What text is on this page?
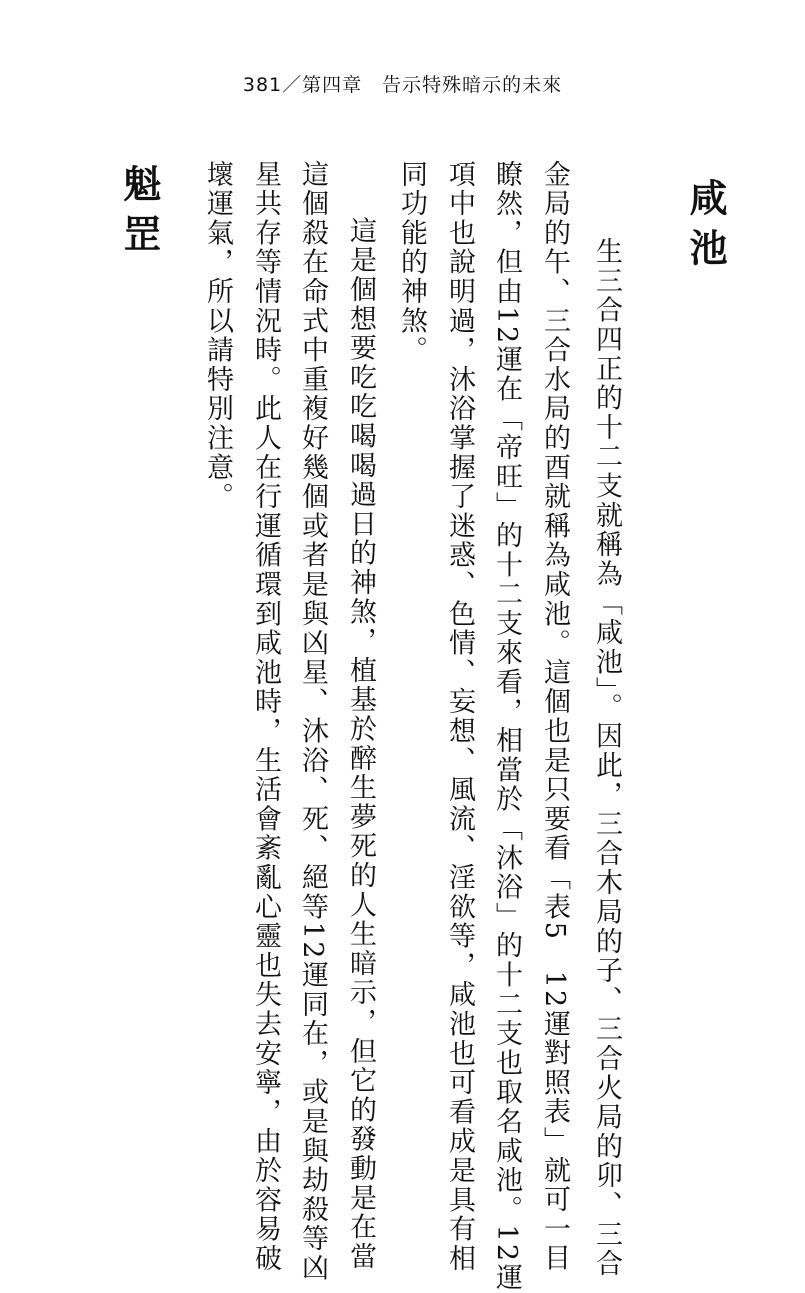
381／第四章　告示特殊暗示的未來
咸池
　生三合四正的十二支就稱為「咸池」。因此，三合木局的子、三合火局的卯、三合
金局的午、三合水局的酉就稱為咸池。這個也是只要看「表5　12運對照表」就可一目
瞭然，但由12運在「帝旺」的十二支來看，相當於「沐浴」的十二支也取名咸池。12運
項中也說明過，沐浴掌握了迷惑、色情、妄想、風流、淫欲等，咸池也可看成是具有相
同功能的神煞。
　　這是個想要吃吃喝喝過日的神煞，植基於醉生夢死的人生暗示，但它的發動是在當
這個殺在命式中重複好幾個或者是與凶星、沐浴、死、絕等12運同在，或是與劫殺等凶
星共存等情況時。此人在行運循環到咸池時，生活會紊亂心靈也失去安寧，由於容易破
壞運氣，所以請特別注意。
魁罡
